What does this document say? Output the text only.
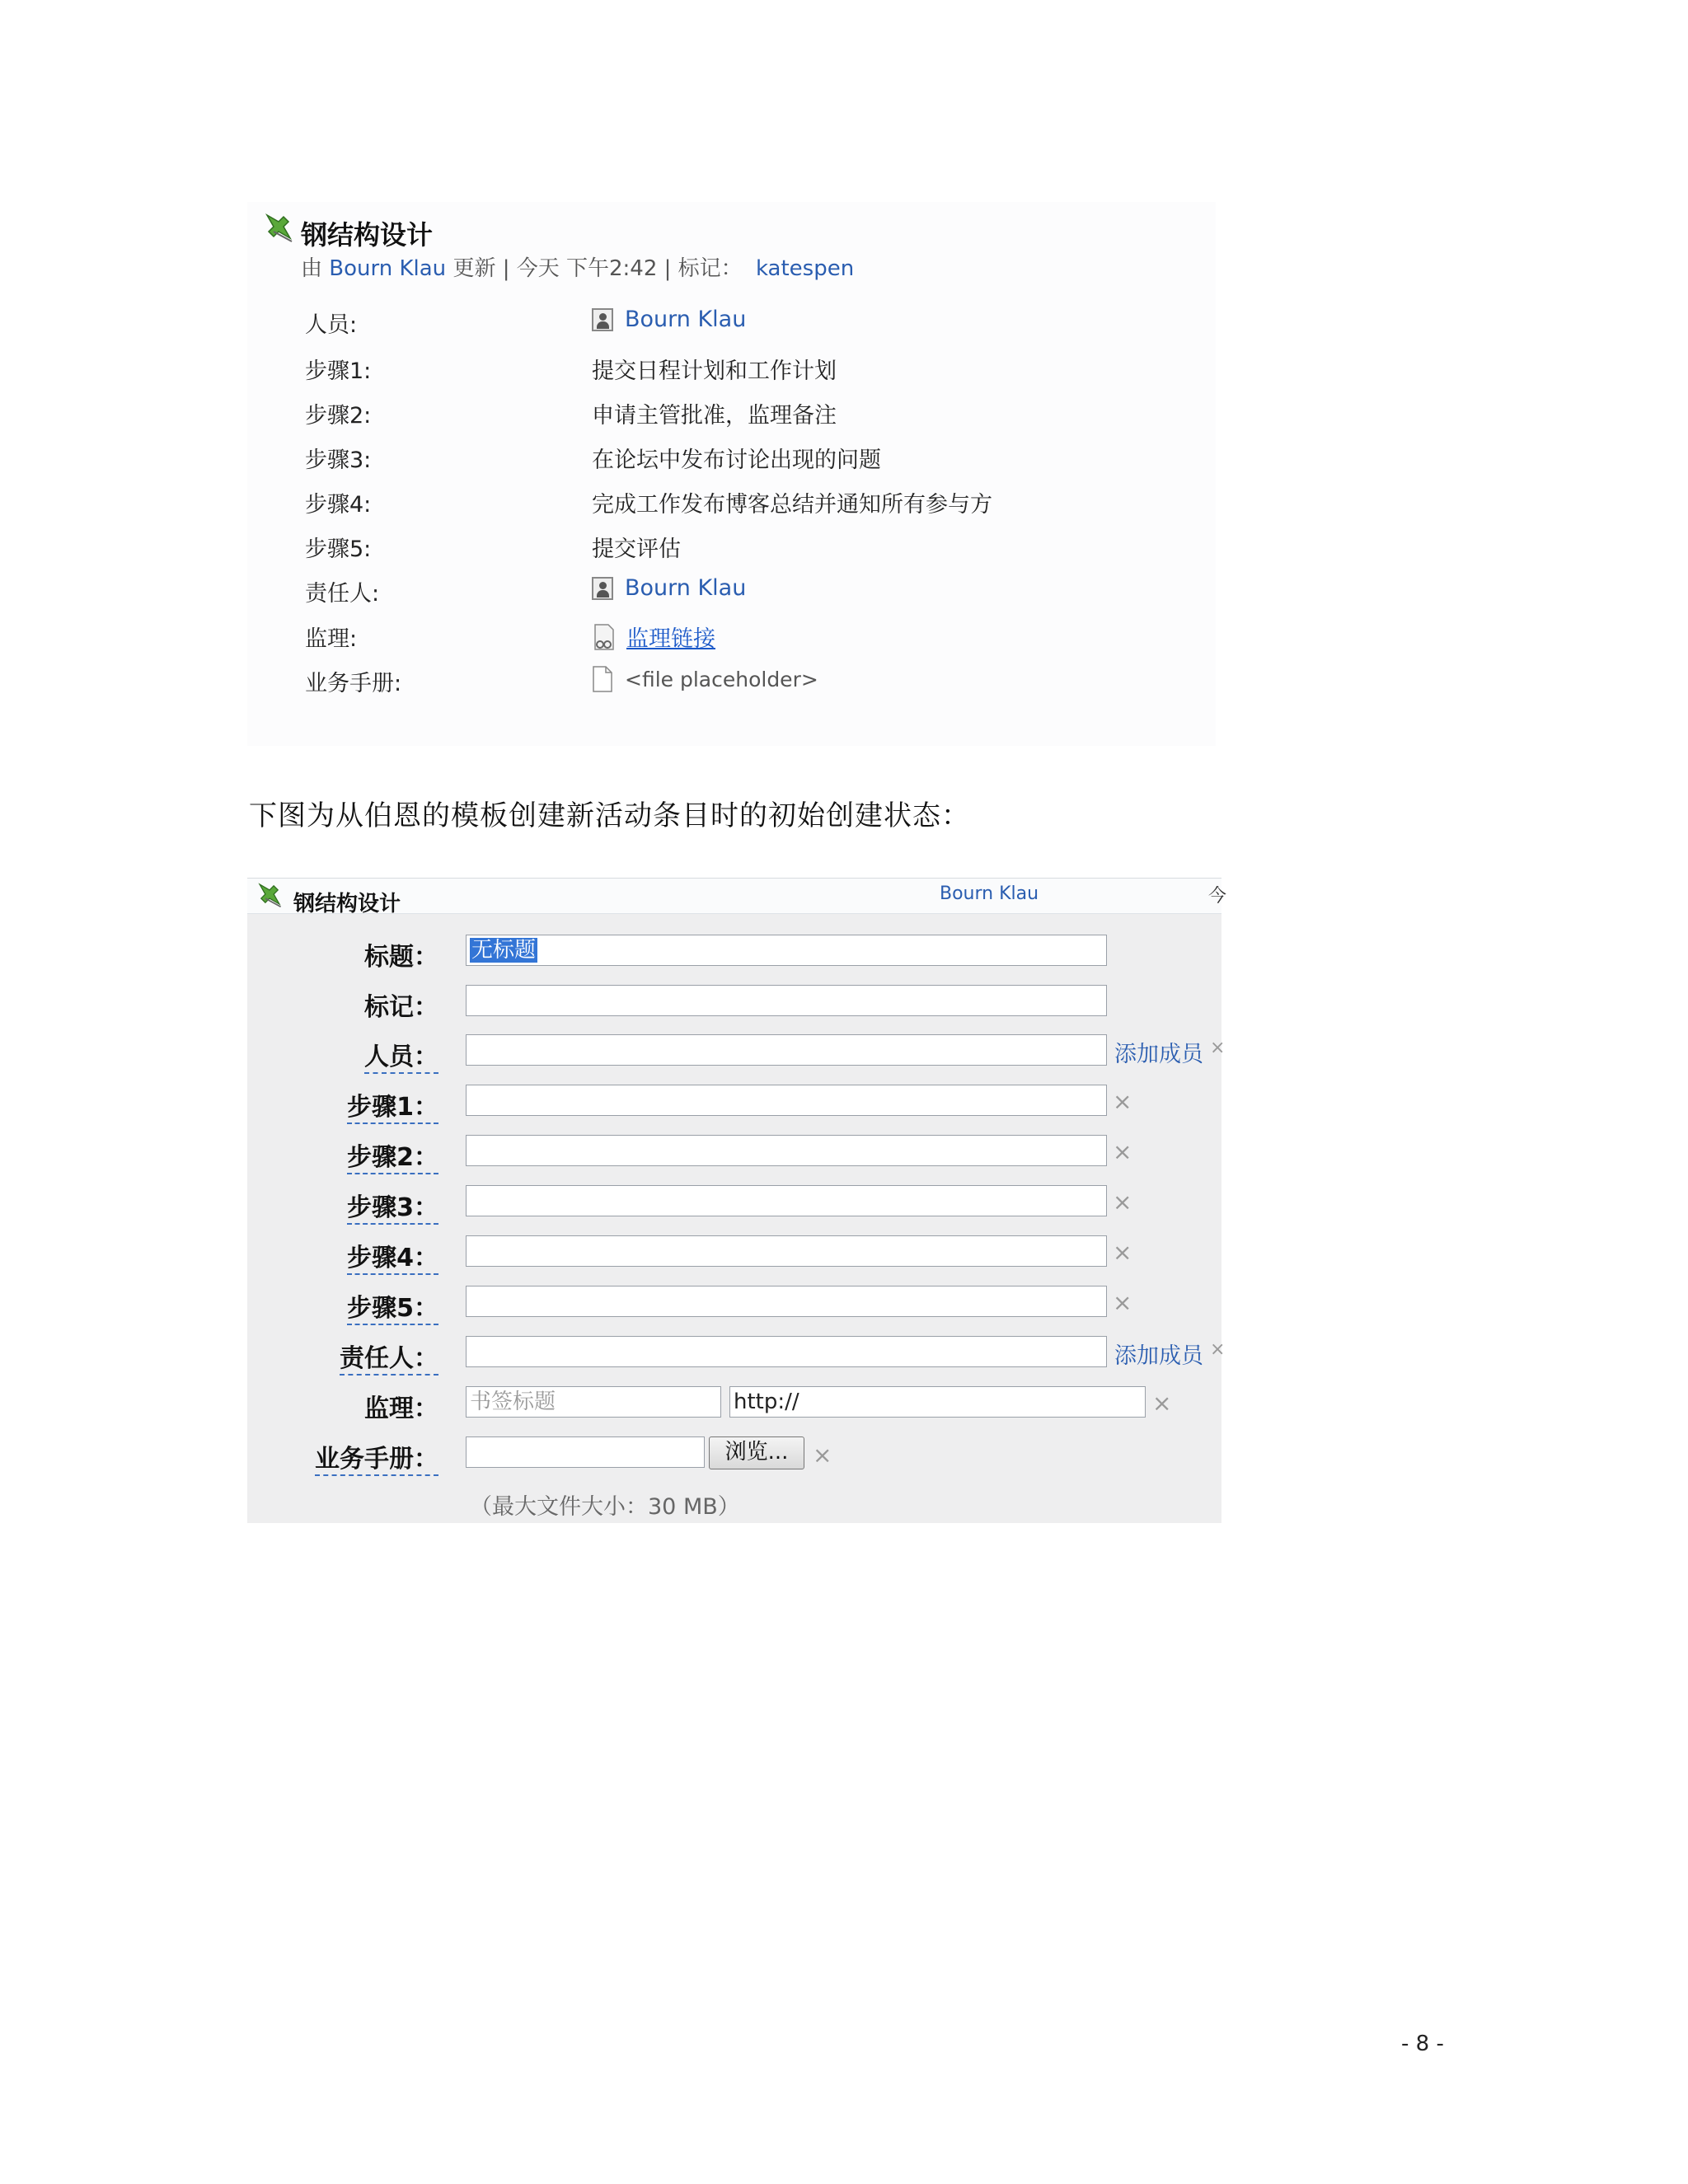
钢结构设计
由 Bourn Klau 更新 | 今天 下午2:42 | 标记： katespen
人员:	Bourn Klau
步骤1:	提交日程计划和工作计划
步骤2:	申请主管批准，监理备注
步骤3:	在论坛中发布讨论出现的问题
步骤4:	完成工作发布博客总结并通知所有参与方
步骤5:	提交评估
责任人:	Bourn Klau
监理:	监理链接
业务手册:	<file placeholder>
下图为从伯恩的模板创建新活动条目时的初始创建状态：
钢结构设计	Bourn Klau	今
标题： 无标题
标记：
人员：	添加成员 ×
步骤1：	×
步骤2：	×
步骤3：	×
步骤4：	×
步骤5：	×
责任人：	添加成员 ×
监理： 书签标题	http://	×
业务手册：	浏览...	×
（最大文件大小：30 MB）
- 8 -
